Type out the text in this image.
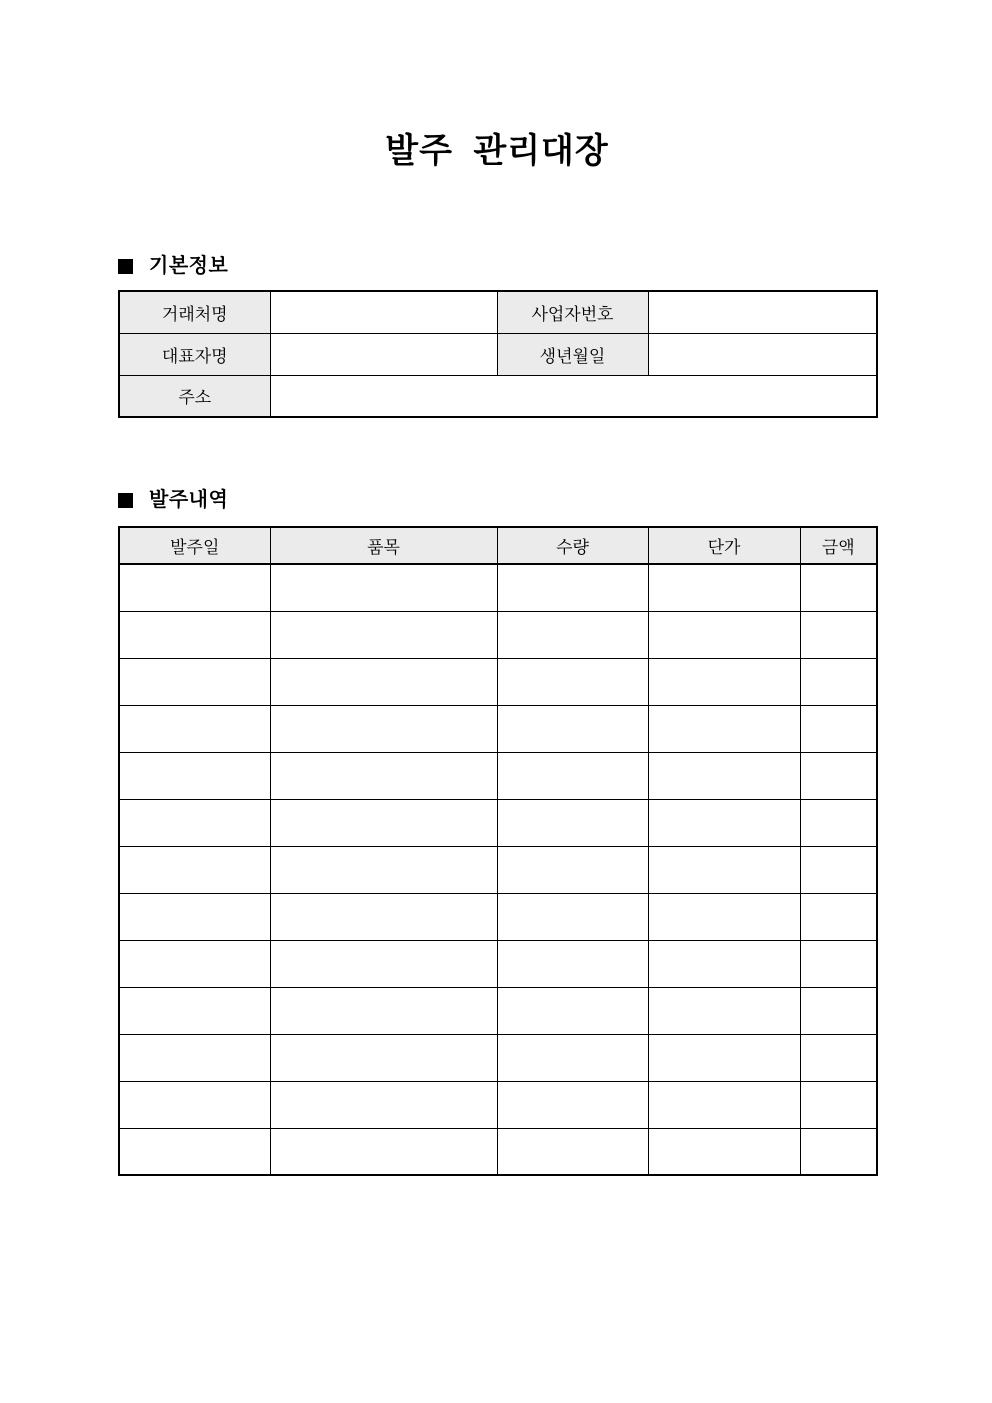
발주 관리대장
기본정보
거래처명		사업자번호	
대표자명		생년월일	
주소			
발주내역
발주일	품목	수량	단가	금액
